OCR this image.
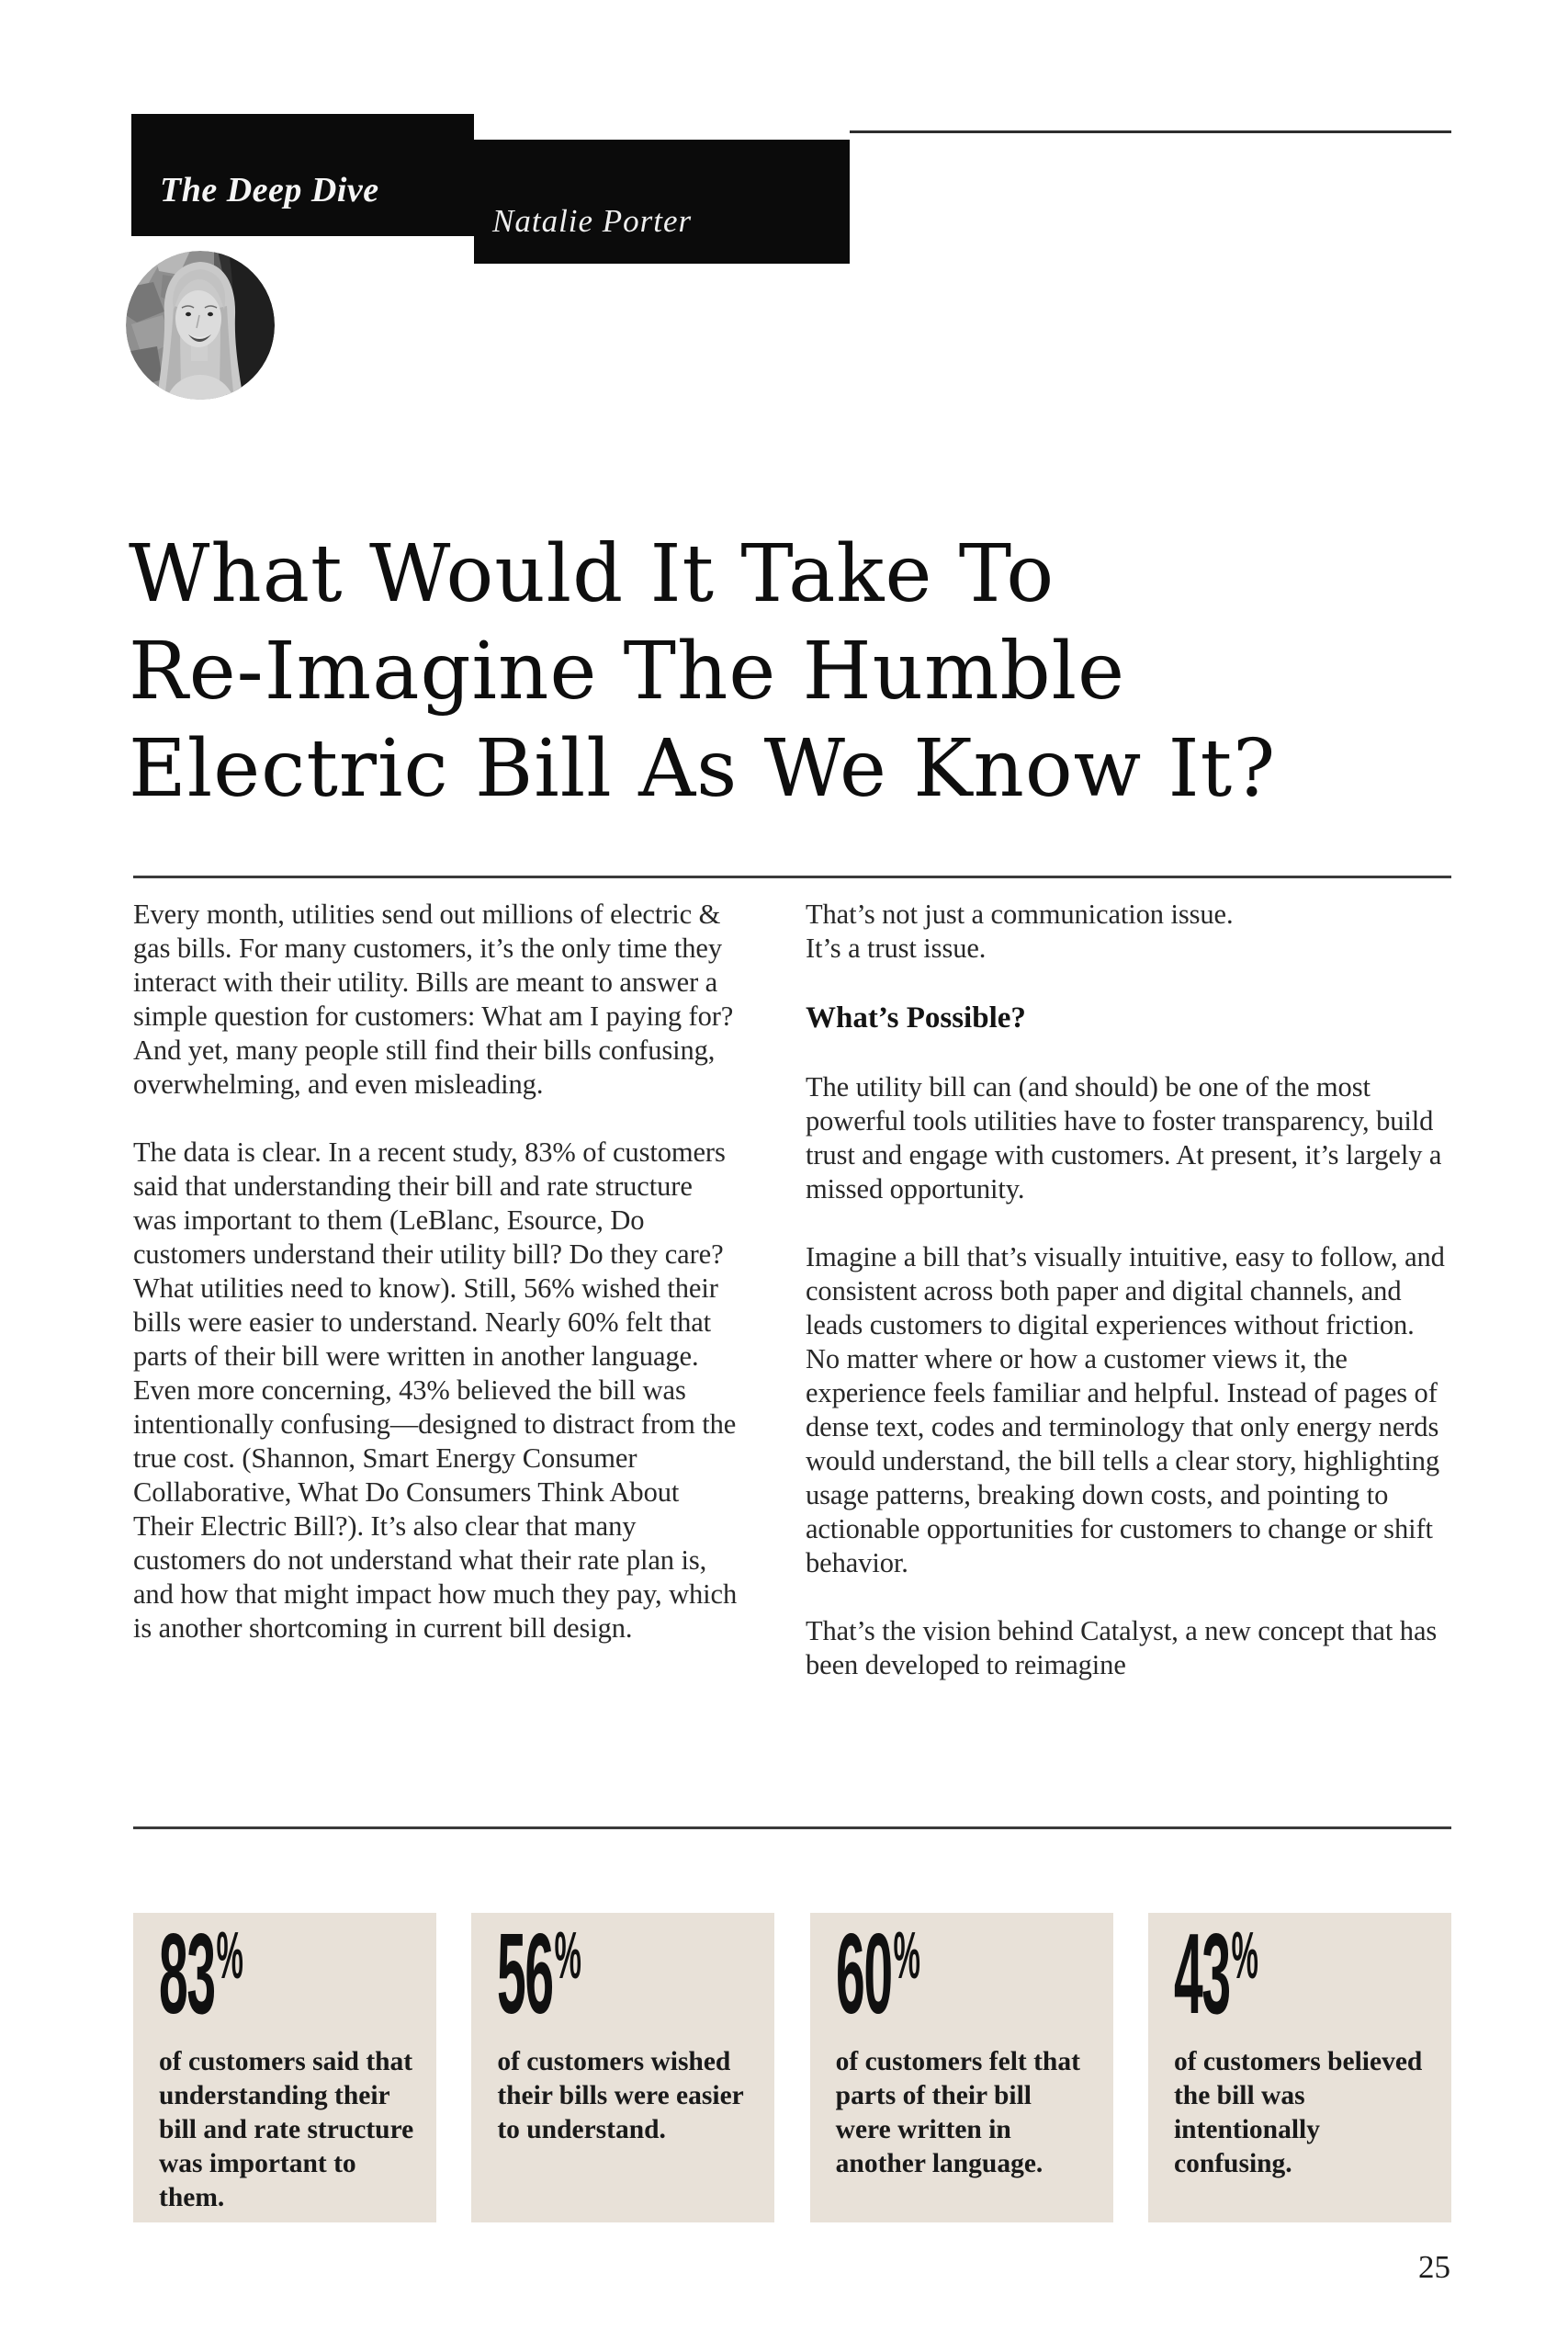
The Deep Dive
Natalie Porter
What Would It Take To
Re-Imagine The Humble
Electric Bill As We Know It?

Every month, utilities send out millions of electric & gas bills. For many customers, it’s the only time they interact with their utility. Bills are meant to answer a simple question for customers: What am I paying for? And yet, many people still find their bills confusing, overwhelming, and even misleading.

The data is clear. In a recent study, 83% of customers said that understanding their bill and rate structure was important to them (LeBlanc, Esource, Do customers understand their utility bill? Do they care? What utilities need to know). Still, 56% wished their bills were easier to understand. Nearly 60% felt that parts of their bill were written in another language. Even more concerning, 43% believed the bill was intentionally confusing—designed to distract from the true cost. (Shannon, Smart Energy Consumer Collaborative, What Do Consumers Think About Their Electric Bill?). It’s also clear that many customers do not understand what their rate plan is, and how that might impact how much they pay, which is another shortcoming in current bill design.

That’s not just a communication issue.
It’s a trust issue.

What’s Possible?

The utility bill can (and should) be one of the most powerful tools utilities have to foster transparency, build trust and engage with customers. At present, it’s largely a missed opportunity.

Imagine a bill that’s visually intuitive, easy to follow, and consistent across both paper and digital channels, and leads customers to digital experiences without friction. No matter where or how a customer views it, the experience feels familiar and helpful. Instead of pages of dense text, codes and terminology that only energy nerds would understand, the bill tells a clear story, highlighting usage patterns, breaking down costs, and pointing to actionable opportunities for customers to change or shift behavior.

That’s the vision behind Catalyst, a new concept that has been developed to reimagine

83%
of customers said that understanding their bill and rate structure was important to them.
56%
of customers wished their bills were easier to understand.
60%
of customers felt that parts of their bill were written in another language.
43%
of customers believed the bill was intentionally confusing.
25
